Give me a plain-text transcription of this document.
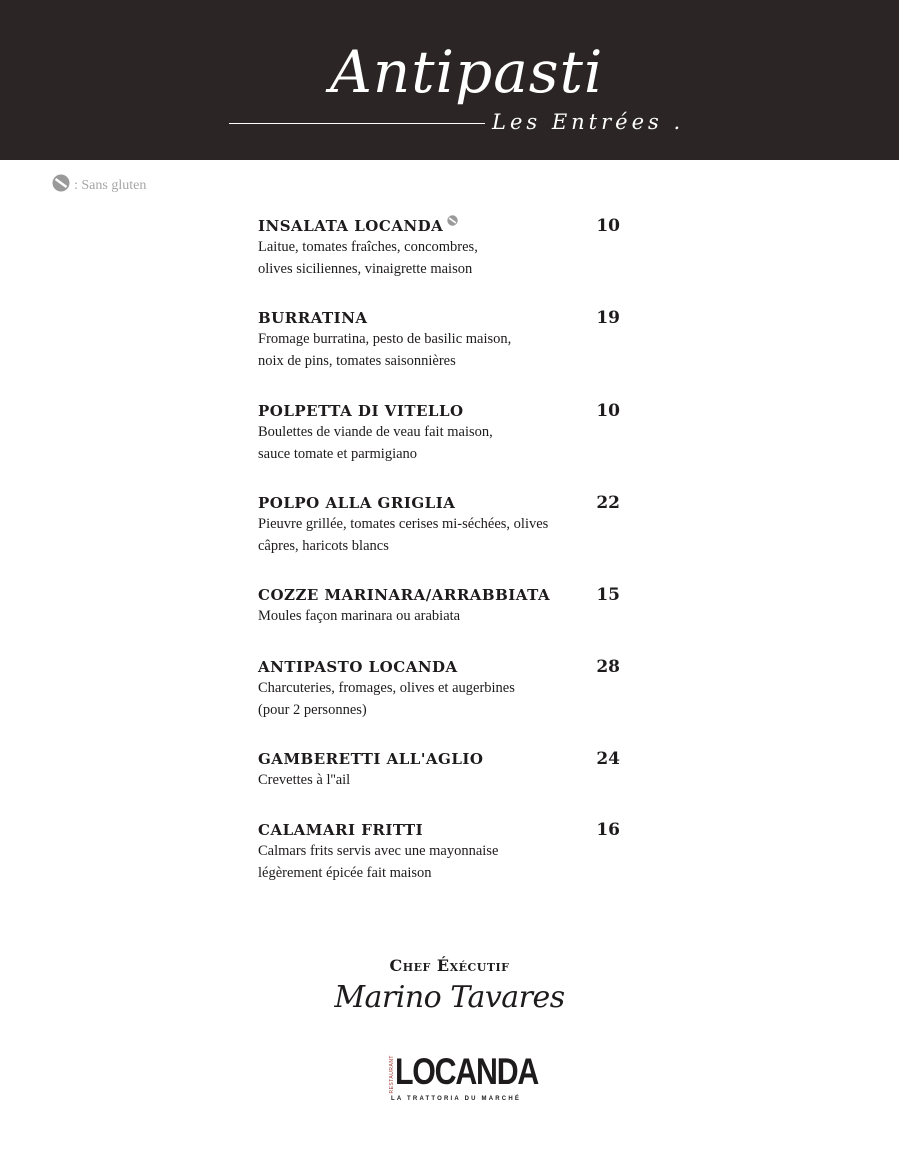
Antipasti
Les Entrées .
: Sans gluten
INSALATA LOCANDA	10
Laitue, tomates fraîches, concombres,
olives siciliennes, vinaigrette maison
BURRATINA	19
Fromage burratina, pesto de basilic maison,
noix de pins, tomates saisonnières
POLPETTA DI VITELLO	10
Boulettes de viande de veau fait maison,
sauce tomate et parmigiano
POLPO ALLA GRIGLIA	22
Pieuvre grillée, tomates cerises mi-séchées, olives
câpres, haricots blancs
COZZE MARINARA/ARRABBIATA	15
Moules façon marinara ou arabiata
ANTIPASTO LOCANDA	28
Charcuteries, fromages, olives et augerbines
(pour 2 personnes)
GAMBERETTI ALL'AGLIO	24
Crevettes à l''ail
CALAMARI FRITTI	16
Calmars frits servis avec une mayonnaise
légèrement épicée fait maison
Chef Éxécutif
Marino Tavares
RESTAURANT LOCANDA
LA TRATTORIA DU MARCHÉ
